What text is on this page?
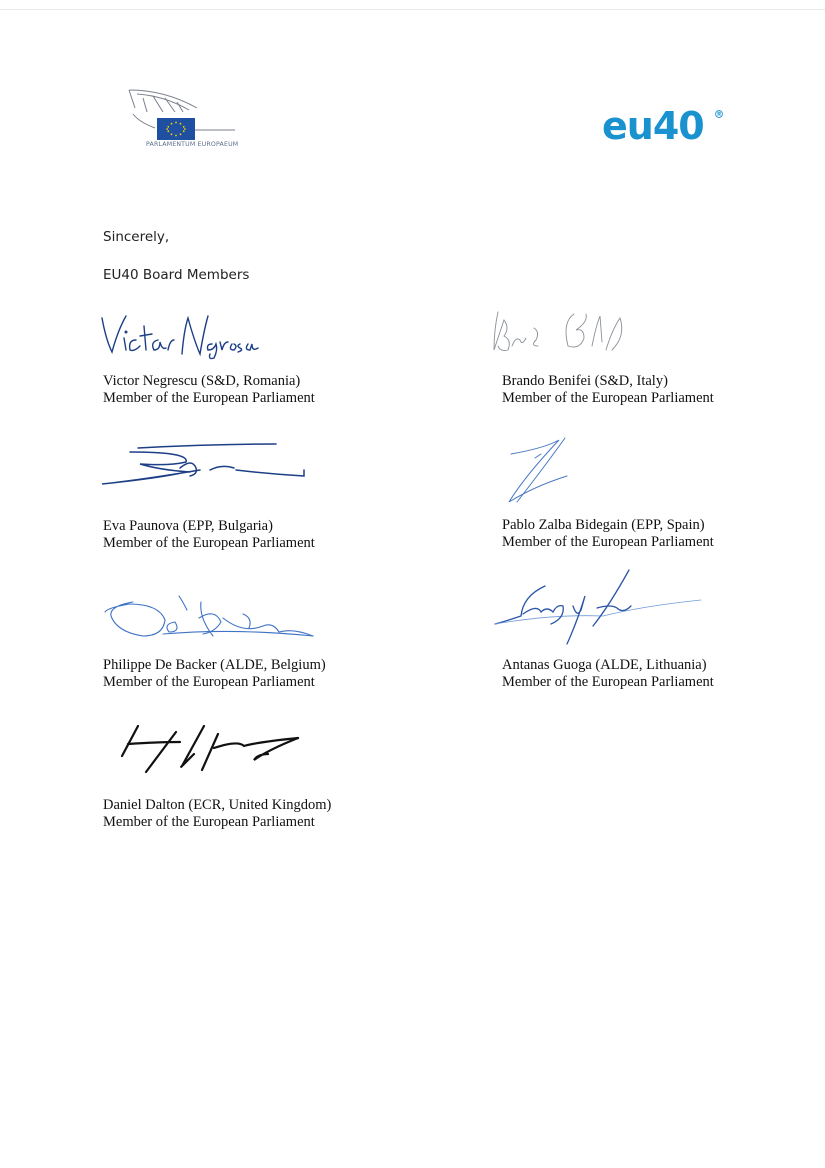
PARLAMENTUM EUROPAEUM	eu40
Sincerely,
EU40 Board Members
Victor Negrescu (S&D, Romania)
Member of the European Parliament
Brando Benifei (S&D, Italy)
Member of the European Parliament
Eva Paunova (EPP, Bulgaria)
Member of the European Parliament
Pablo Zalba Bidegain (EPP, Spain)
Member of the European Parliament
Philippe De Backer (ALDE, Belgium)
Member of the European Parliament
Antanas Guoga (ALDE, Lithuania)
Member of the European Parliament
Daniel Dalton (ECR, United Kingdom)
Member of the European Parliament
